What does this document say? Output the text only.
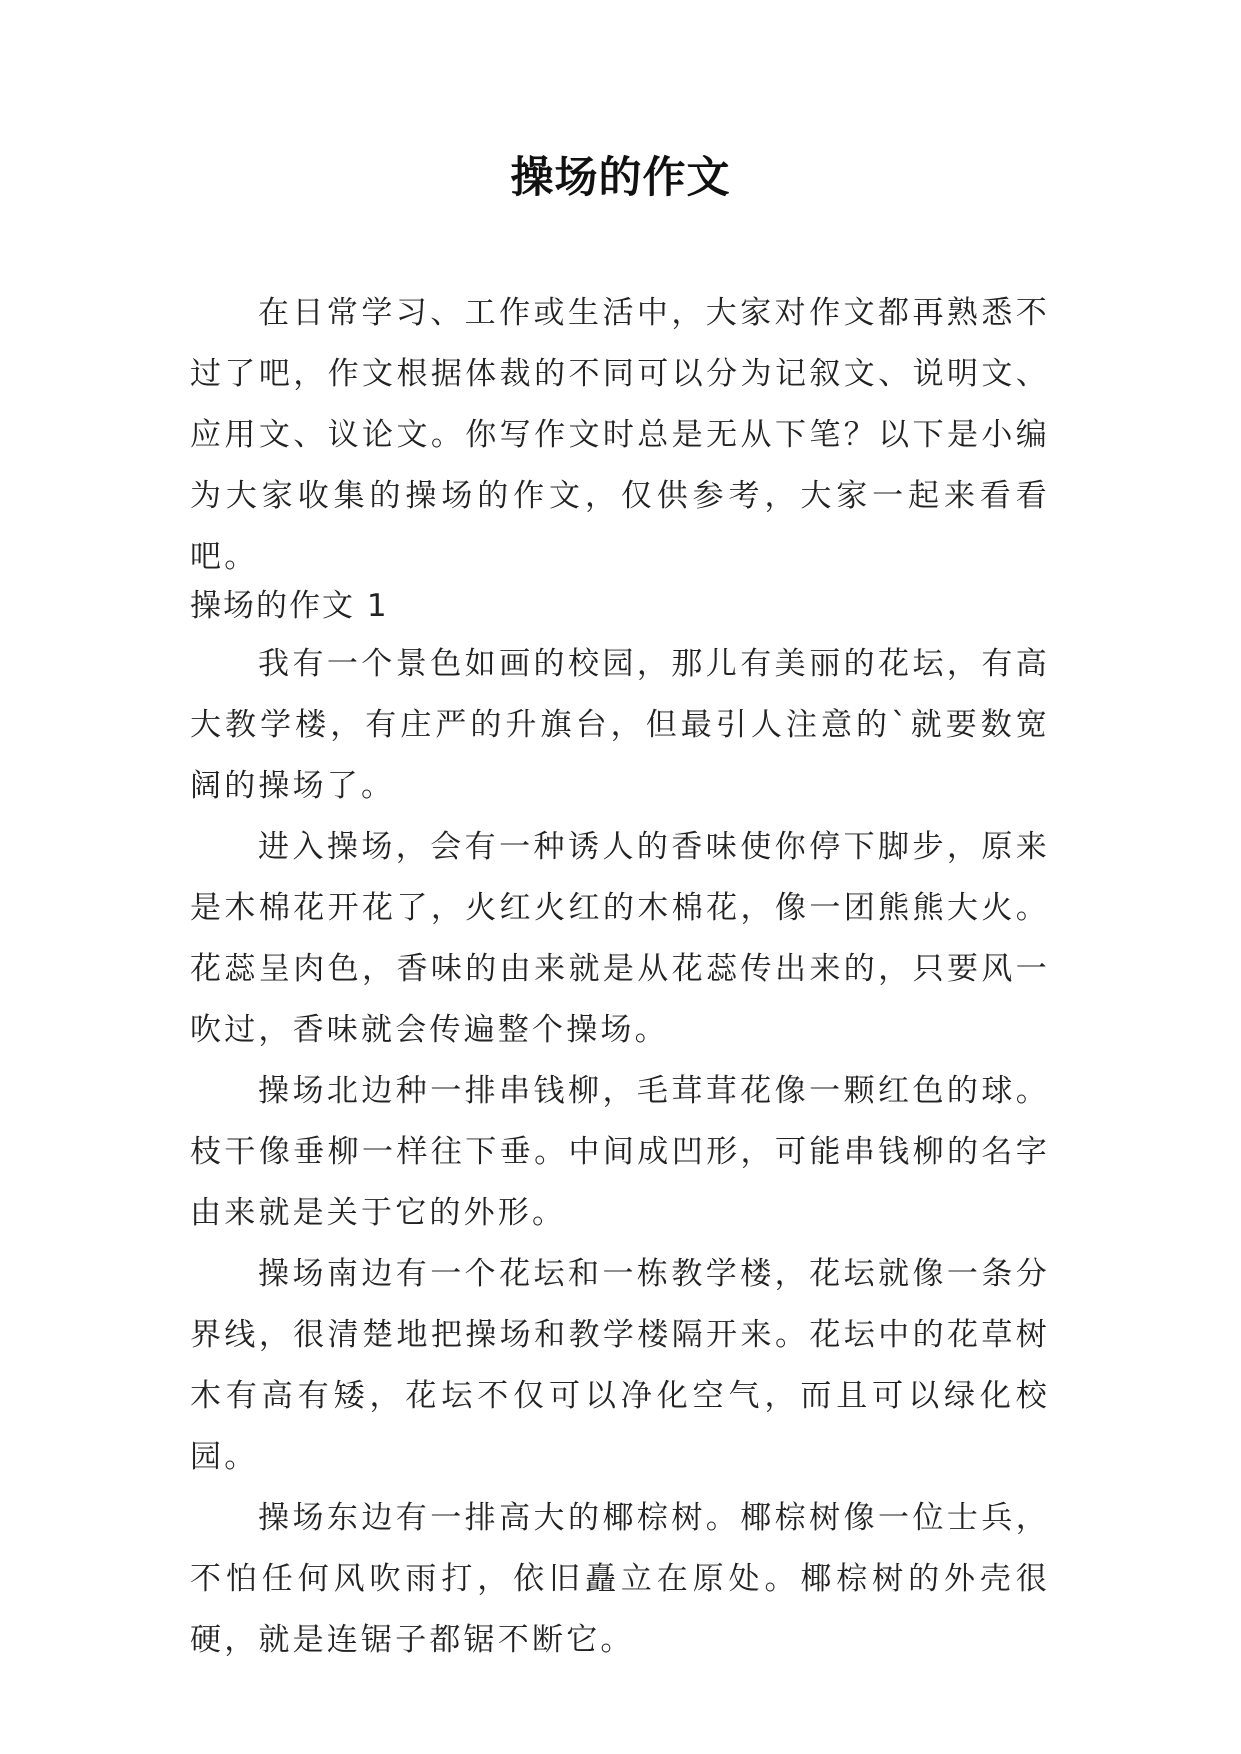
操场的作文

在日常学习、工作或生活中，大家对作文都再熟悉不过了吧，作文根据体裁的不同可以分为记叙文、说明文、应用文、议论文。你写作文时总是无从下笔？以下是小编为大家收集的操场的作文，仅供参考，大家一起来看看吧。

操场的作文 1

我有一个景色如画的校园，那儿有美丽的花坛，有高大教学楼，有庄严的升旗台，但最引人注意的`就要数宽阔的操场了。

进入操场，会有一种诱人的香味使你停下脚步，原来是木棉花开花了，火红火红的木棉花，像一团熊熊大火。花蕊呈肉色，香味的由来就是从花蕊传出来的，只要风一吹过，香味就会传遍整个操场。

操场北边种一排串钱柳，毛茸茸花像一颗红色的球。枝干像垂柳一样往下垂。中间成凹形，可能串钱柳的名字由来就是关于它的外形。

操场南边有一个花坛和一栋教学楼，花坛就像一条分界线，很清楚地把操场和教学楼隔开来。花坛中的花草树木有高有矮，花坛不仅可以净化空气，而且可以绿化校园。

操场东边有一排高大的椰棕树。椰棕树像一位士兵，不怕任何风吹雨打，依旧矗立在原处。椰棕树的外壳很硬，就是连锯子都锯不断它。
